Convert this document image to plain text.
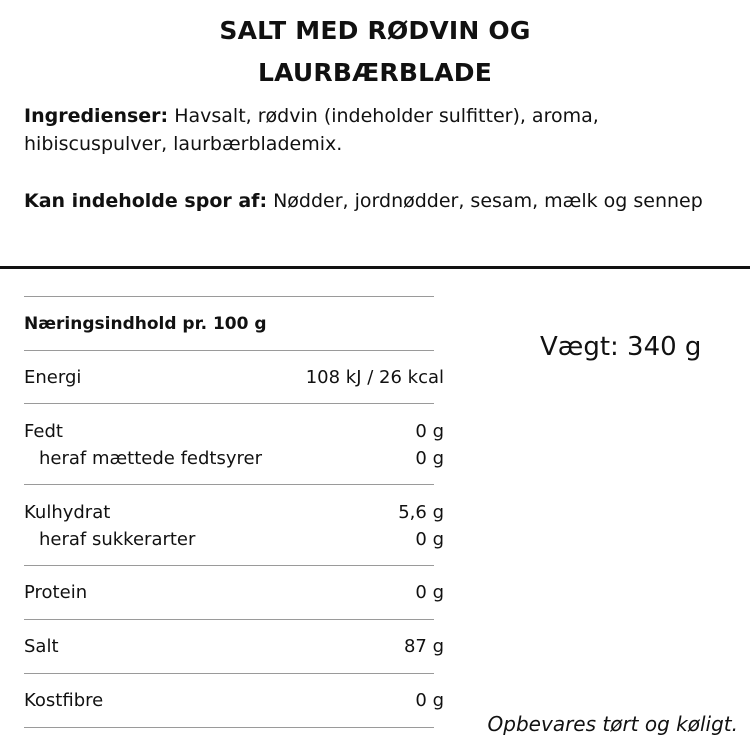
SALT MED RØDVIN OG
LAURBÆRBLADE
Ingredienser: Havsalt, rødvin (indeholder sulfitter), aroma, hibiscuspulver, laurbærblademix.
Kan indeholde spor af: Nødder, jordnødder, sesam, mælk og sennep
Næringsindhold pr. 100 g
Energi	108 kJ / 26 kcal
Fedt	0 g
heraf mættede fedtsyrer	0 g
Kulhydrat	5,6 g
heraf sukkerarter	0 g
Protein	0 g
Salt	87 g
Kostfibre	0 g
Vægt: 340 g
Opbevares tørt og køligt.
